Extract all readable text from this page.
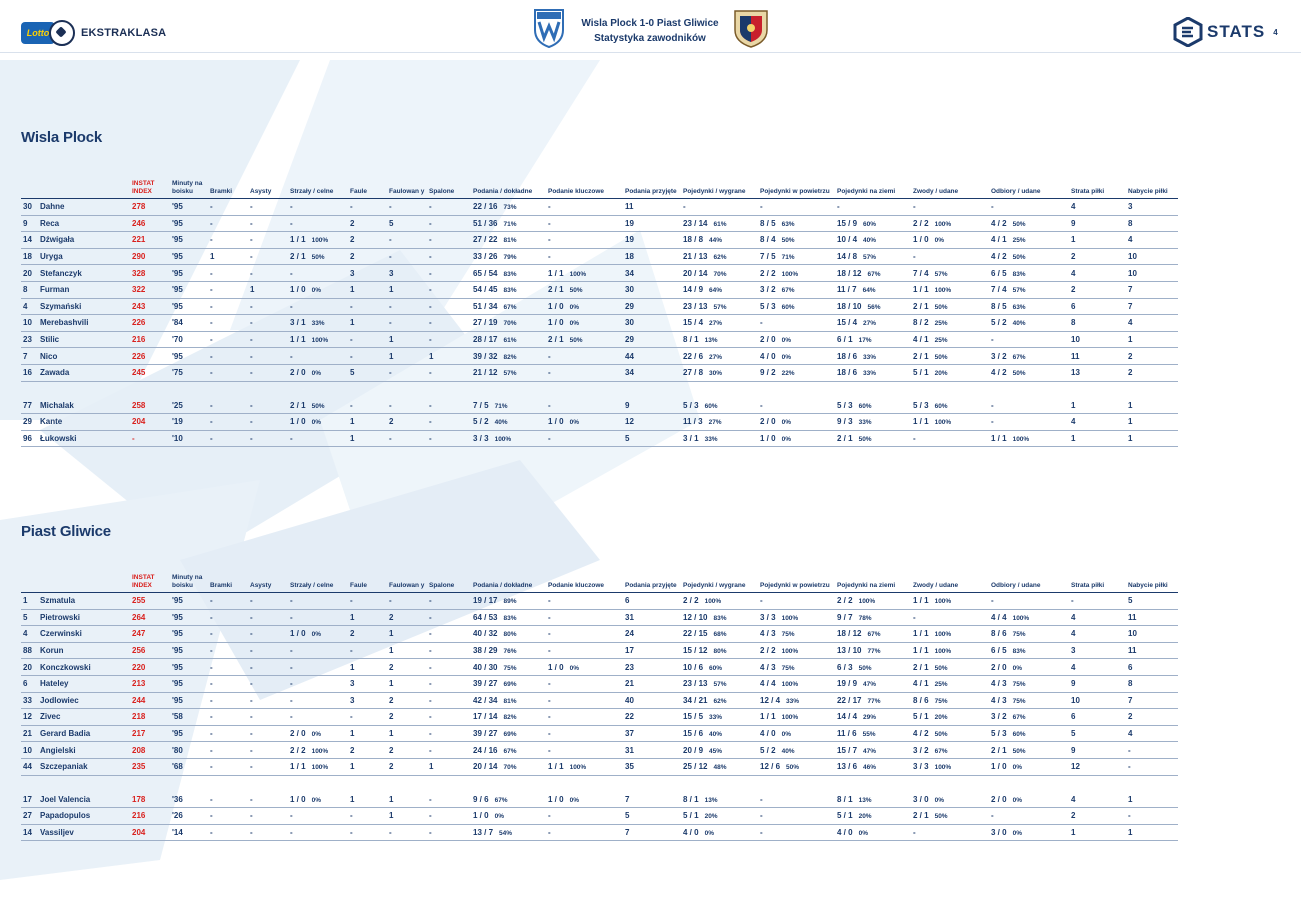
Lotto	EKSTRAKLASA
Wisla Plock 1-0 Piast Gliwice
Statystyka zawodników	STATS 4
Wisla Plock
		INSTAT INDEX	Minuty na boisku	Bramki	Asysty	Strzały / celne	Faule	Faulowan y	Spalone	Podania / dokładne	Podanie kluczowe	Podania przyjęte	Pojedynki / wygrane	Pojedynki w powietrzu	Pojedynki na ziemi	Zwody / udane	Odbiory / udane	Strata piłki	Nabycie piłki
30	Dahne	278	'95	-	-	-	-	-	-	22 / 16 73%	-	11	-	-	-	-	-	4	3
9	Reca	246	'95	-	-	-	2	5	-	51 / 36 71%	-	19	23 / 14 61%	8 / 5 63%	15 / 9 60%	2 / 2 100%	4 / 2 50%	9	8
14	Dźwigała	221	'95	-	-	1 / 1 100%	2	-	-	27 / 22 81%	-	19	18 / 8 44%	8 / 4 50%	10 / 4 40%	1 / 0 0%	4 / 1 25%	1	4
18	Uryga	290	'95	1	-	2 / 1 50%	2	-	-	33 / 26 79%	-	18	21 / 13 62%	7 / 5 71%	14 / 8 57%	-	4 / 2 50%	2	10
20	Stefanczyk	328	'95	-	-	-	3	3	-	65 / 54 83%	1 / 1 100%	34	20 / 14 70%	2 / 2 100%	18 / 12 67%	7 / 4 57%	6 / 5 83%	4	10
8	Furman	322	'95	-	1	1 / 0 0%	1	1	-	54 / 45 83%	2 / 1 50%	30	14 / 9 64%	3 / 2 67%	11 / 7 64%	1 / 1 100%	7 / 4 57%	2	7
4	Szymański	243	'95	-	-	-	-	-	-	51 / 34 67%	1 / 0 0%	29	23 / 13 57%	5 / 3 60%	18 / 10 56%	2 / 1 50%	8 / 5 63%	6	7
10	Merebashvili	226	'84	-	-	3 / 1 33%	1	-	-	27 / 19 70%	1 / 0 0%	30	15 / 4 27%	-	15 / 4 27%	8 / 2 25%	5 / 2 40%	8	4
23	Stilic	216	'70	-	-	1 / 1 100%	-	1	-	28 / 17 61%	2 / 1 50%	29	8 / 1 13%	2 / 0 0%	6 / 1 17%	4 / 1 25%	-	10	1
7	Nico	226	'95	-	-	-	-	1	1	39 / 32 82%	-	44	22 / 6 27%	4 / 0 0%	18 / 6 33%	2 / 1 50%	3 / 2 67%	11	2
16	Zawada	245	'75	-	-	2 / 0 0%	5	-	-	21 / 12 57%	-	34	27 / 8 30%	9 / 2 22%	18 / 6 33%	5 / 1 20%	4 / 2 50%	13	2

77	Michalak	258	'25	-	-	2 / 1 50%	-	-	-	7 / 5 71%	-	9	5 / 3 60%	-	5 / 3 60%	5 / 3 60%	-	1	1
29	Kante	204	'19	-	-	1 / 0 0%	1	2	-	5 / 2 40%	1 / 0 0%	12	11 / 3 27%	2 / 0 0%	9 / 3 33%	1 / 1 100%	-	4	1
96	Łukowski	-	'10	-	-	-	1	-	-	3 / 3 100%	-	5	3 / 1 33%	1 / 0 0%	2 / 1 50%	-	1 / 1 100%	1	1
Piast Gliwice
		INSTAT INDEX	Minuty na boisku	Bramki	Asysty	Strzały / celne	Faule	Faulowan y	Spalone	Podania / dokładne	Podanie kluczowe	Podania przyjęte	Pojedynki / wygrane	Pojedynki w powietrzu	Pojedynki na ziemi	Zwody / udane	Odbiory / udane	Strata piłki	Nabycie piłki
1	Szmatula	255	'95	-	-	-	-	-	-	19 / 17 89%	-	6	2 / 2 100%	-	2 / 2 100%	1 / 1 100%	-	-	5
5	Pietrowski	264	'95	-	-	-	1	2	-	64 / 53 83%	-	31	12 / 10 83%	3 / 3 100%	9 / 7 78%	-	4 / 4 100%	4	11
4	Czerwinski	247	'95	-	-	1 / 0 0%	2	1	-	40 / 32 80%	-	24	22 / 15 68%	4 / 3 75%	18 / 12 67%	1 / 1 100%	8 / 6 75%	4	10
88	Korun	256	'95	-	-	-	-	1	-	38 / 29 76%	-	17	15 / 12 80%	2 / 2 100%	13 / 10 77%	1 / 1 100%	6 / 5 83%	3	11
20	Konczkowski	220	'95	-	-	-	1	2	-	40 / 30 75%	1 / 0 0%	23	10 / 6 60%	4 / 3 75%	6 / 3 50%	2 / 1 50%	2 / 0 0%	4	6
6	Hateley	213	'95	-	-	-	3	1	-	39 / 27 69%	-	21	23 / 13 57%	4 / 4 100%	19 / 9 47%	4 / 1 25%	4 / 3 75%	9	8
33	Jodlowiec	244	'95	-	-	-	3	2	-	42 / 34 81%	-	40	34 / 21 62%	12 / 4 33%	22 / 17 77%	8 / 6 75%	4 / 3 75%	10	7
12	Zivec	218	'58	-	-	-	-	2	-	17 / 14 82%	-	22	15 / 5 33%	1 / 1 100%	14 / 4 29%	5 / 1 20%	3 / 2 67%	6	2
21	Gerard Badia	217	'95	-	-	2 / 0 0%	1	1	-	39 / 27 69%	-	37	15 / 6 40%	4 / 0 0%	11 / 6 55%	4 / 2 50%	5 / 3 60%	5	4
10	Angielski	208	'80	-	-	2 / 2 100%	2	2	-	24 / 16 67%	-	31	20 / 9 45%	5 / 2 40%	15 / 7 47%	3 / 2 67%	2 / 1 50%	9	-
44	Szczepaniak	235	'68	-	-	1 / 1 100%	1	2	1	20 / 14 70%	1 / 1 100%	35	25 / 12 48%	12 / 6 50%	13 / 6 46%	3 / 3 100%	1 / 0 0%	12	-

17	Joel Valencia	178	'36	-	-	1 / 0 0%	1	1	-	9 / 6 67%	1 / 0 0%	7	8 / 1 13%	-	8 / 1 13%	3 / 0 0%	2 / 0 0%	4	1
27	Papadopulos	216	'26	-	-	-	-	1	-	1 / 0 0%	-	5	5 / 1 20%	-	5 / 1 20%	2 / 1 50%	-	2	-
14	Vassiljev	204	'14	-	-	-	-	-	-	13 / 7 54%	-	7	4 / 0 0%	-	4 / 0 0%	-	3 / 0 0%	1	1
